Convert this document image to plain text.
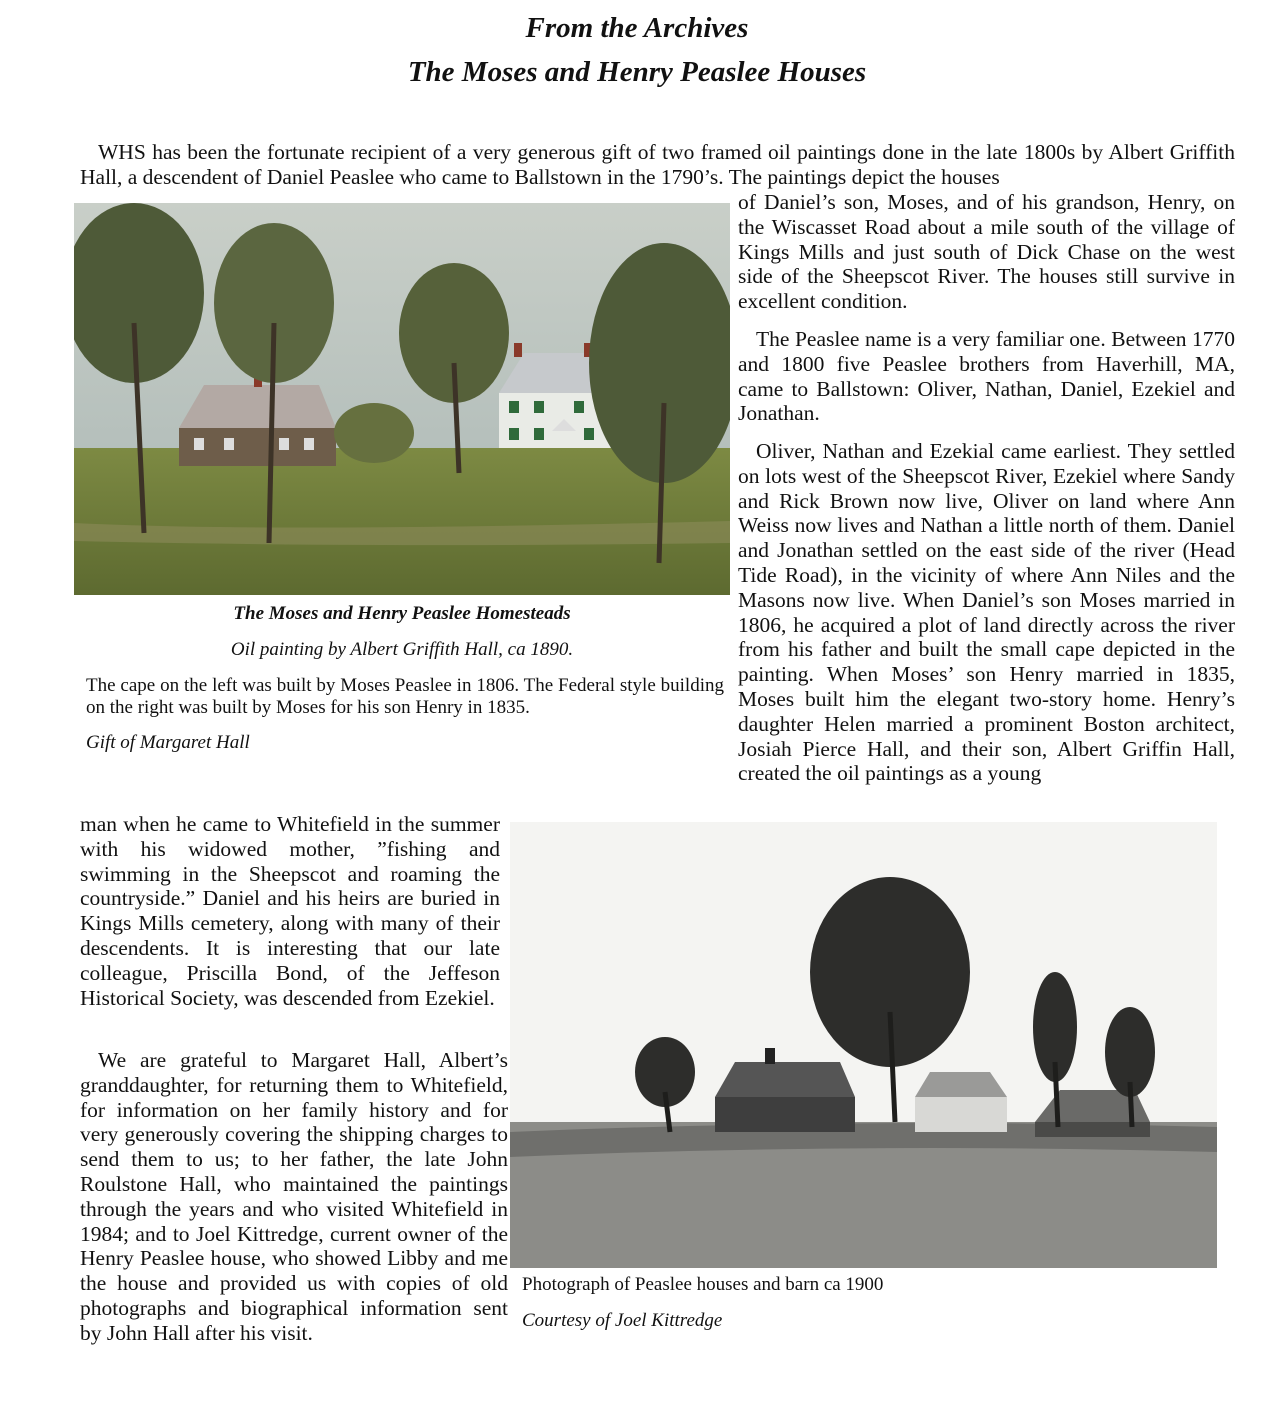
From the Archives
The Moses and Henry Peaslee Houses

WHS has been the fortunate recipient of a very generous gift of two framed oil paintings done in the late 1800s by Albert Griffith Hall, a descendent of Daniel Peaslee who came to Ballstown in the 1790’s. The paintings depict the houses

The Moses and Henry Peaslee Homesteads

Oil painting by Albert Griffith Hall, ca 1890.

The cape on the left was built by Moses Peaslee in 1806. The Federal style building on the right was built by Moses for his son Henry in 1835.

Gift of Margaret Hall

of Daniel’s son, Moses, and of his grandson, Henry, on the Wiscasset Road about a mile south of the village of Kings Mills and just south of Dick Chase on the west side of the Sheepscot River. The houses still survive in excellent condition.

The Peaslee name is a very familiar one. Between 1770 and 1800 five Peaslee brothers from Haverhill, MA, came to Ballstown: Oliver, Nathan, Daniel, Ezekiel and Jonathan.

Oliver, Nathan and Ezekial came earliest. They settled on lots west of the Sheepscot River, Ezekiel where Sandy and Rick Brown now live, Oliver on land where Ann Weiss now lives and Nathan a little north of them. Daniel and Jonathan settled on the east side of the river (Head Tide Road), in the vicinity of where Ann Niles and the Masons now live. When Daniel’s son Moses married in 1806, he acquired a plot of land directly across the river from his father and built the small cape depicted in the painting. When Moses’ son Henry married in 1835, Moses built him the elegant two-story home. Henry’s daughter Helen married a prominent Boston architect, Josiah Pierce Hall, and their son, Albert Griffin Hall, created the oil paintings as a young

man when he came to Whitefield in the summer with his widowed mother, ”fishing and swimming in the Sheepscot and roaming the countryside.” Daniel and his heirs are buried in Kings Mills cemetery, along with many of their descendents. It is interesting that our late colleague, Priscilla Bond, of the Jeffeson Historical Society, was descended from Ezekiel.

We are grateful to Margaret Hall, Albert’s granddaughter, for returning them to Whitefield, for information on her family history and for very generously covering the shipping charges to send them to us; to her father, the late John Roulstone Hall, who maintained the paintings through the years and who visited Whitefield in 1984; and to Joel Kittredge, current owner of the Henry Peaslee house, who showed Libby and me the house and provided us with copies of old photographs and biographical information sent by John Hall after his visit.

Photograph of Peaslee houses and barn ca 1900

Courtesy of Joel Kittredge
